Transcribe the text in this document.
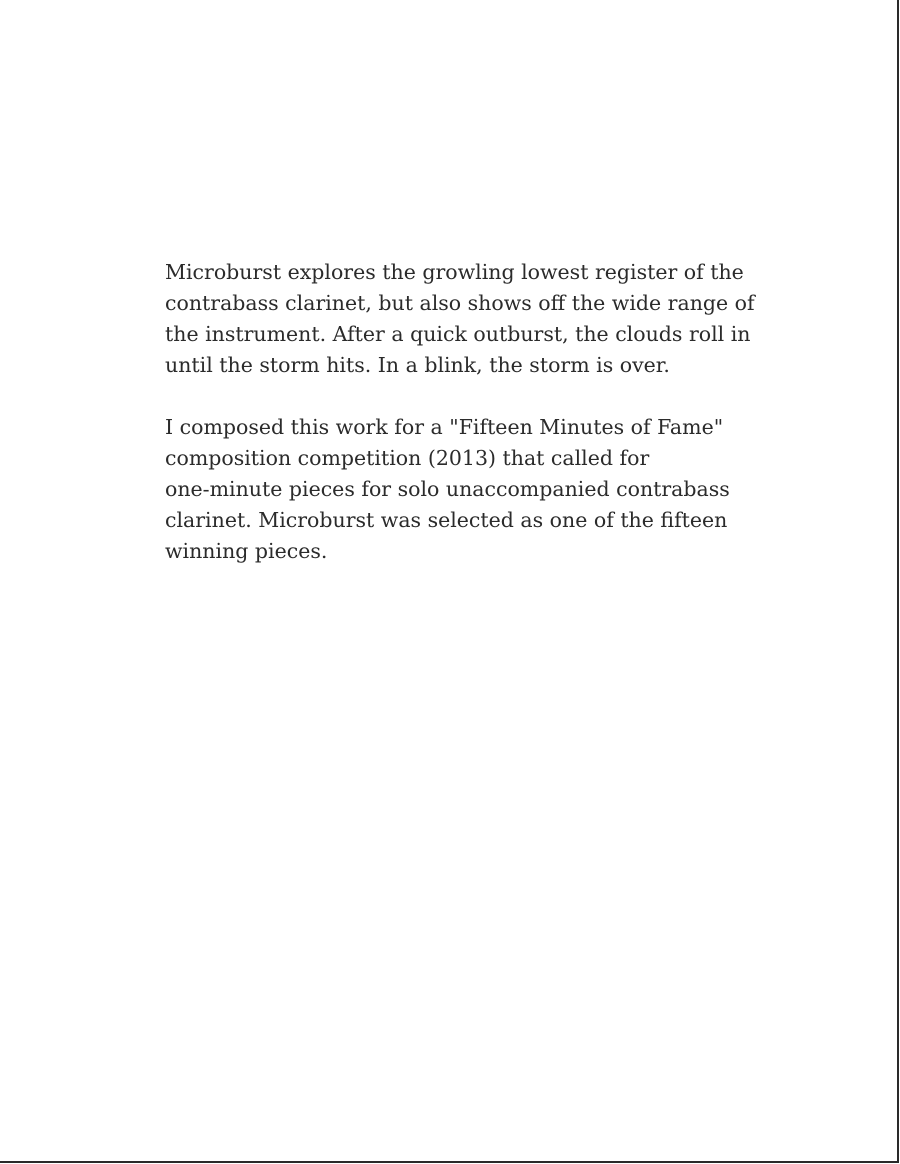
Microburst explores the growling lowest register of the
contrabass clarinet, but also shows off the wide range of
the instrument. After a quick outburst, the clouds roll in
until the storm hits. In a blink, the storm is over.
I composed this work for a "Fifteen Minutes of Fame"
composition competition (2013) that called for
one-minute pieces for solo unaccompanied contrabass
clarinet. Microburst was selected as one of the fifteen
winning pieces.
